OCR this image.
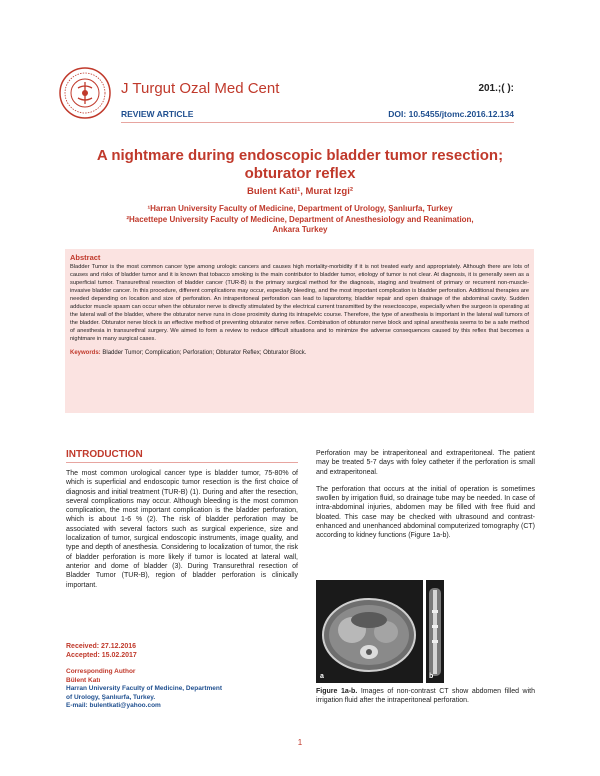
J Turgut Ozal Med Cent	201.;( ):
REVIEW ARTICLE	DOI: 10.5455/jtomc.2016.12.134
A nightmare during endoscopic bladder tumor resection;
obturator reflex
Bulent Kati¹, Murat Izgi²
¹Harran University Faculty of Medicine, Department of Urology, Şanlıurfa, Turkey
²Hacettepe University Faculty of Medicine, Department of Anesthesiology and Reanimation,
Ankara Turkey
Abstract
Bladder Tumor is the most common cancer type among urologic cancers and causes high mortality-morbidity if it is not treated early and appropriately. Although there are lots of causes and risks of bladder tumor and it is known that tobacco smoking is the main contributor to bladder tumor, etiology of tumor is not clear. At diagnosis, it is generally seen as a superficial tumor. Transurethral resection of bladder cancer (TUR-B) is the primary surgical method for the diagnosis, staging and treatment of primary or recurrent non-muscle-invasive bladder cancer. In this procedure, different complications may occur, especially bleeding, and the most important complication is bladder perforation. Additional therapies are needed depending on location and size of perforation. An intraperitoneal perforation can lead to laparotomy, bladder repair and open drainage of the abdominal cavity. Sudden adductor muscle spasm can occur when the obturator nerve is directly stimulated by the electrical current transmitted by the resectoscope, especially when the surgeon is operating at the lateral wall of the bladder, where the obturator nerve runs in close proximity during its intrapelvic course. Therefore, the type of anesthesia is important in the lateral wall tumors of the bladder. Obturator nerve block is an effective method of preventing obturator nerve reflex. Combination of obturator nerve block and spinal anesthesia seems to be a safe method of anesthesia in transurethral surgery. We aimed to form a review to reduce difficult situations and to minimize the adverse consequences caused by this reflex that becomes a nightmare in many surgical cases.
Keywords: Bladder Tumor; Complication; Perforation; Obturator Reflex; Obturator Block.
INTRODUCTION

The most common urological cancer type is bladder tumor, 75-80% of which is superficial and endoscopic tumor resection is the first choice of diagnosis and initial treatment (TUR-B) (1). During and after the resection, several complications may occur. Although bleeding is the most common complication, the most important complication is the bladder perforation, which is about 1-6 % (2). The risk of bladder perforation may be associated with several factors such as surgical experience, size and localization of tumor, surgical endoscopic instruments, image quality, and type and depth of anesthesia. Considering to localization of tumor, the risk of bladder perforation is more likely if tumor is located at lateral wall, anterior and dome of bladder (3). During Transurethral resection of Bladder Tumor (TUR-B), region of bladder perforation is clinically important.

Perforation may be intraperitoneal and extraperitoneal. The patient may be treated 5-7 days with foley catheter if the perforation is small and extraperitoneal.

The perforation that occurs at the initial of operation is sometimes swollen by irrigation fluid, so drainage tube may be needed. In case of intra-abdominal injuries, abdomen may be filled with free fluid and bloated. This case may be checked with ultrasound and contrast-enhanced and unenhanced abdominal computerized tomography (CT) according to kidney functions (Figure 1a-b).

Received: 27.12.2016
Accepted: 15.02.2017
Corresponding Author
Bülent Katı
Harran University Faculty of Medicine, Department
of Urology, Şanlıurfa, Turkey.
E-mail: bulentkati@yahoo.com
a	b
Figure 1a-b. Images of non-contrast CT show abdomen filled with irrigation fluid after the intraperitoneal perforation.
1
